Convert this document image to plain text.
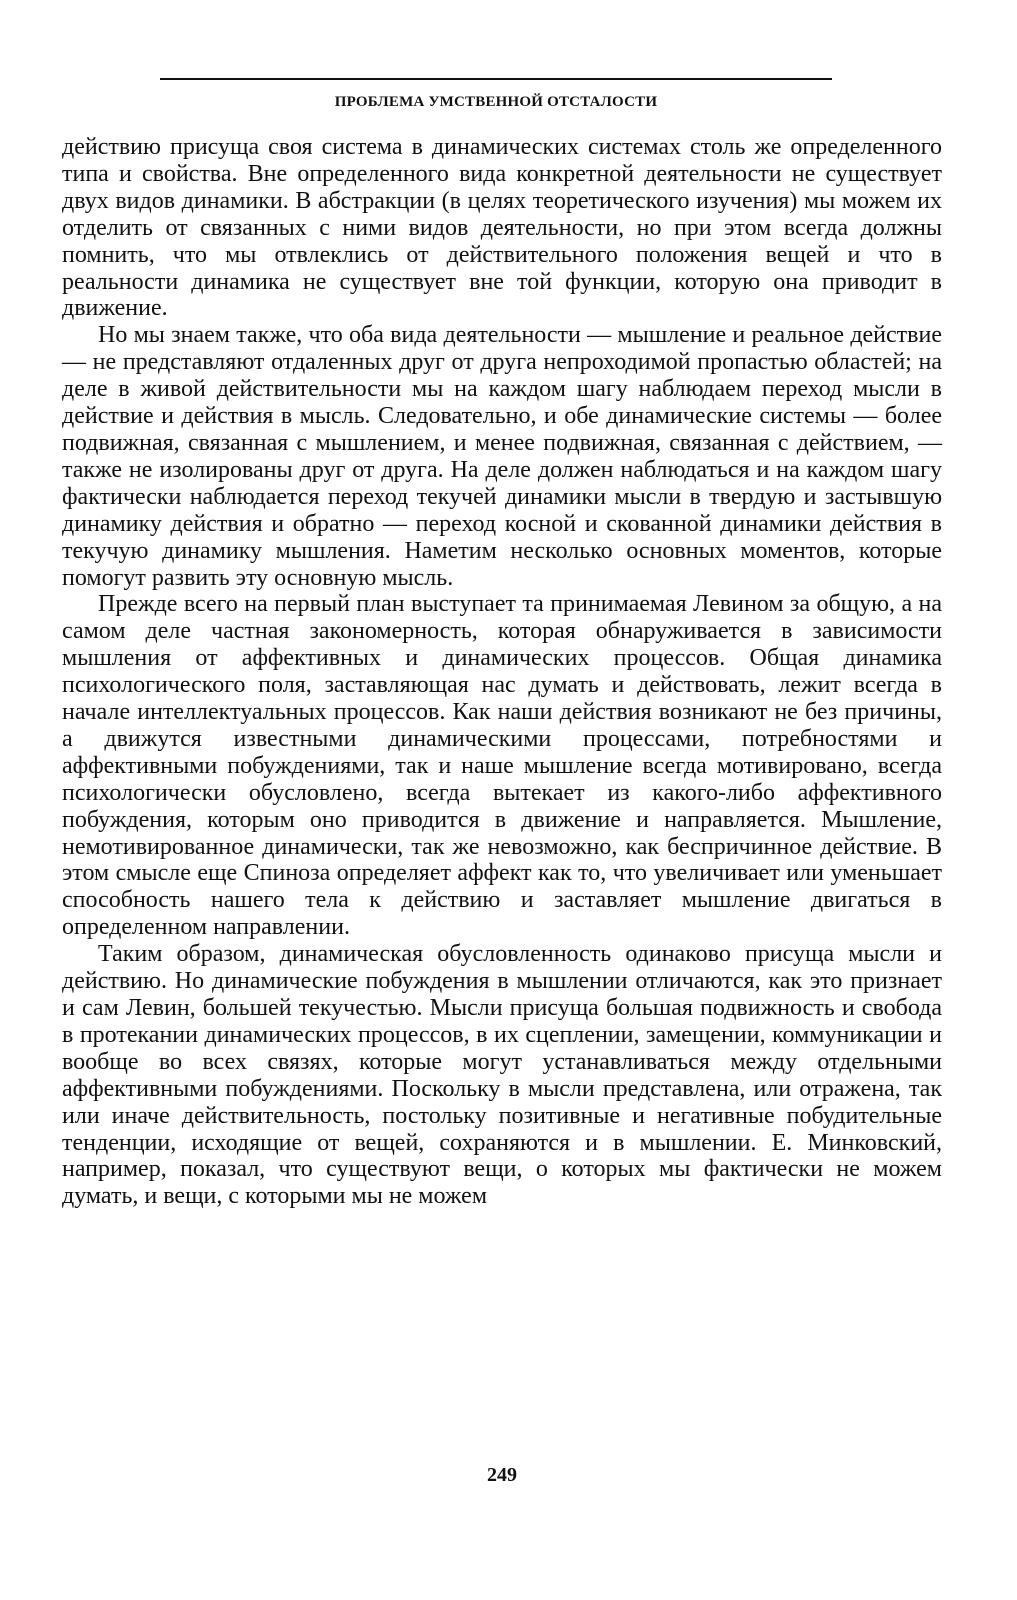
ПРОБЛЕМА УМСТВЕННОЙ ОТСТАЛОСТИ

действию присуща своя система в динамических системах столь же определенного типа и свойства. Вне определенного вида конкретной деятельности не существует двух видов динамики. В абстракции (в целях теоретического изучения) мы можем их отделить от связанных с ними видов деятельности, но при этом всегда должны помнить, что мы отвлеклись от действительного положения вещей и что в реальности динамика не существует вне той функции, которую она приводит в движение.

Но мы знаем также, что оба вида деятельности — мышление и реальное действие — не представляют отдаленных друг от друга непроходимой пропастью областей; на деле в живой действительности мы на каждом шагу наблюдаем переход мысли в действие и действия в мысль. Следовательно, и обе динамические системы — более подвижная, связанная с мышлением, и менее подвижная, связанная с действием, — также не изолированы друг от друга. На деле должен наблюдаться и на каждом шагу фактически наблюдается переход текучей динамики мысли в твердую и застывшую динамику действия и обратно — переход косной и скованной динамики действия в текучую динамику мышления. Наметим несколько основных моментов, которые помогут развить эту основную мысль.

Прежде всего на первый план выступает та принимаемая Левином за общую, а на самом деле частная закономерность, которая обнаруживается в зависимости мышления от аффективных и динамических процессов. Общая динамика психологического поля, заставляющая нас думать и действовать, лежит всегда в начале интеллектуальных процессов. Как наши действия возникают не без причины, а движутся известными динамическими процессами, потребностями и аффективными побуждениями, так и наше мышление всегда мотивировано, всегда психологически обусловлено, всегда вытекает из какого-либо аффективного побуждения, которым оно приводится в движение и направляется. Мышление, немотивированное динамически, так же невозможно, как беспричинное действие. В этом смысле еще Спиноза определяет аффект как то, что увеличивает или уменьшает способность нашего тела к действию и заставляет мышление двигаться в определенном направлении.

Таким образом, динамическая обусловленность одинаково присуща мысли и действию. Но динамические побуждения в мышлении отличаются, как это признает и сам Левин, большей текучестью. Мысли присуща большая подвижность и свобода в протекании динамических процессов, в их сцеплении, замещении, коммуникации и вообще во всех связях, которые могут устанавливаться между отдельными аффективными побуждениями. Поскольку в мысли представлена, или отражена, так или иначе действительность, постольку позитивные и негативные побудительные тенденции, исходящие от вещей, сохраняются и в мышлении. Е. Минковский, например, показал, что существуют вещи, о которых мы фактически не можем думать, и вещи, с которыми мы не можем

249
